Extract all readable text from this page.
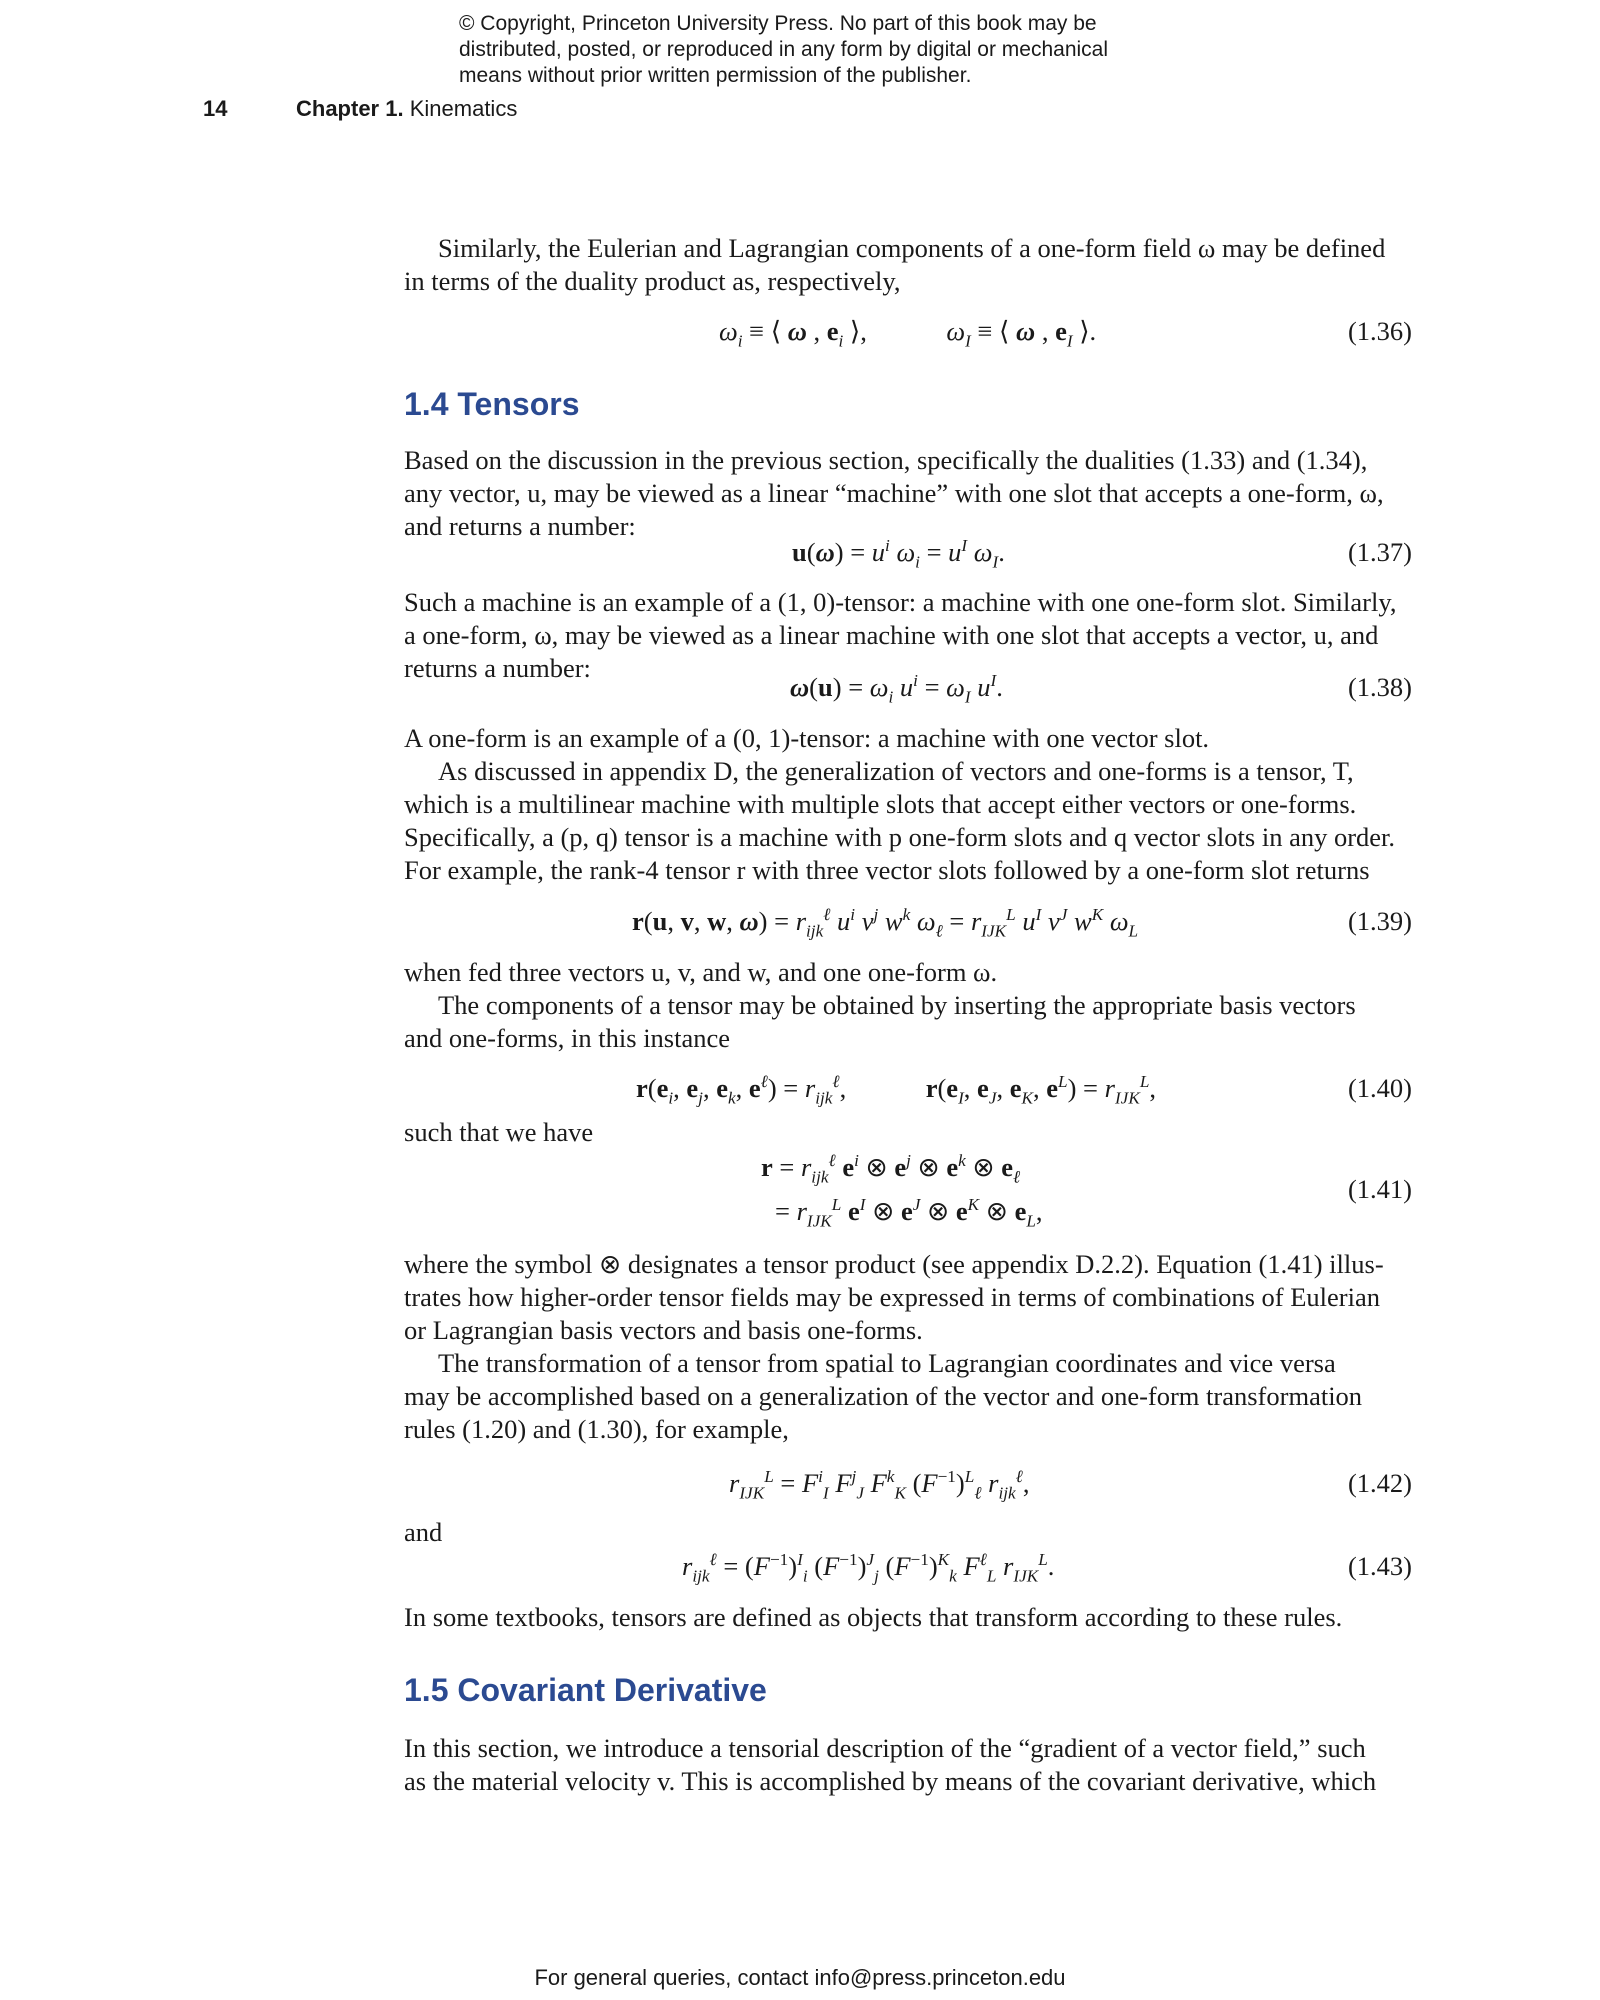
© Copyright, Princeton University Press. No part of this book may be
distributed, posted, or reproduced in any form by digital or mechanical
means without prior written permission of the publisher.
14	Chapter 1. Kinematics

Similarly, the Eulerian and Lagrangian components of a one-form field ω may be defined

in terms of the duality product as, respectively,

$\omega_i$ ≡ ⟨ ω , $e_i$ ⟩,            $\omega_I$ ≡ ⟨ ω , $e_I$ ⟩.	(1.36)
1.4 Tensors

Based on the discussion in the previous section, specifically the dualities (1.33) and (1.34),

any vector, u, may be viewed as a linear “machine” with one slot that accepts a one-form, ω,

and returns a number:

$u(\omega) = u^i$ $\omega_i = u^I$ $\omega_I$.	(1.37)

Such a machine is an example of a (1, 0)-tensor: a machine with one one-form slot. Similarly,

a one-form, ω, may be viewed as a linear machine with one slot that accepts a vector, u, and

returns a number:

$\omega(u) = \omega_i$ $u^i = \omega_I$ $u^I$.	(1.38)

A one-form is an example of a (0, 1)-tensor: a machine with one vector slot.

As discussed in appendix D, the generalization of vectors and one-forms is a tensor, T,

which is a multilinear machine with multiple slots that accept either vectors or one-forms.

Specifically, a (p, q) tensor is a machine with p one-form slots and q vector slots in any order.

For example, the rank-4 tensor r with three vector slots followed by a one-form slot returns

r(u, v, w, $\omega) = r_{ijk}^\ell$ $u^i$ $v^j$ $w^k$ $\omega_\ell = r_{IJK}^L$ $u^I$ $v^J$ $w^K$ $\omega_L$	(1.39)

when fed three vectors u, v, and w, and one one-form ω.

The components of a tensor may be obtained by inserting the appropriate basis vectors

and one-forms, in this instance

$r(e_i$, $e_j$, $e_k$, $e^\ell) = r_{ijk}^\ell$,            $r(e_I$, $e_J$, $e_K$, $e^L) = r_{IJK}^L$,	(1.40)

such that we have

$r = r_{ijk}^\ell$ $e^i$ ⊗ $e^j$ ⊗ $e^k$ ⊗ $e_\ell$
= $r_{IJK}^L$ $e^I$ ⊗ $e^J$ ⊗ $e^K$ ⊗ $e_L$,
(1.41)

where the symbol ⊗ designates a tensor product (see appendix D.2.2). Equation (1.41) illus-

trates how higher-order tensor fields may be expressed in terms of combinations of Eulerian

or Lagrangian basis vectors and basis one-forms.

The transformation of a tensor from spatial to Lagrangian coordinates and vice versa

may be accomplished based on a generalization of the vector and one-form transformation

rules (1.20) and (1.30), for example,

$r_{IJK}^L = F^i_I$ $F^j_J$ $F^k_K$ $(F^{-1})^L_\ell$ $r_{ijk}^\ell$,	(1.42)

and

$r_{ijk}^\ell = (F^{-1})^I_i$ $(F^{-1})^J_j$ $(F^{-1})^K_k$ $F^\ell_L$ $r_{IJK}^L$.	(1.43)

In some textbooks, tensors are defined as objects that transform according to these rules.

1.5 Covariant Derivative

In this section, we introduce a tensorial description of the “gradient of a vector field,” such

as the material velocity v. This is accomplished by means of the covariant derivative, which

For general queries, contact info@press.princeton.edu
